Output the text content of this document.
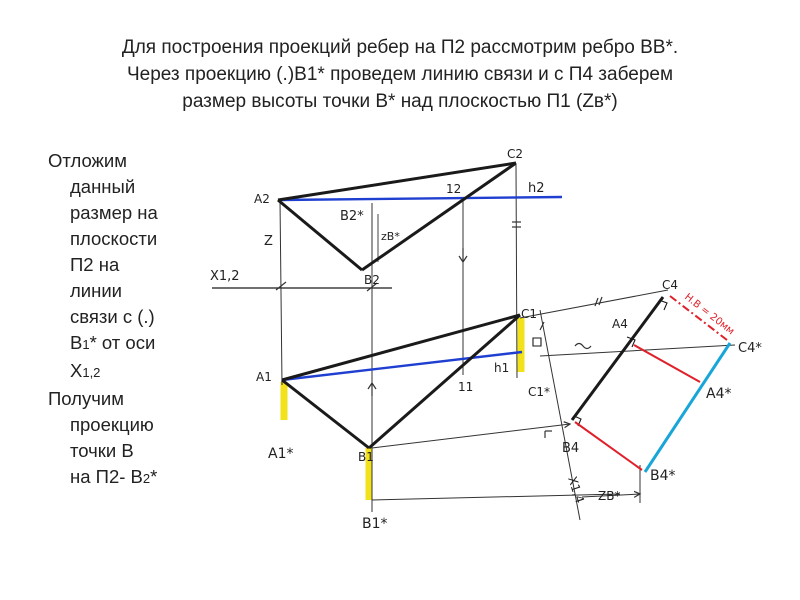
Для построения проекций ребер на П2 рассмотрим ребро ВВ*.
Через проекцию (.)В1* проведем линию связи и с П4 заберем
размер высоты точки В* над плоскостью П1 (Zв*)
Отложим
данный
размер на
плоскости
П2 на
линии
связи с (.)
В1* от оси
X1,2
Получим
проекцию
точки В
на П2- В2*
A2
C2
h2
B2*
zB*
12
B2
X1,2
Z
C1
C1*
h1
A1
11
A1*	B1
B1*
C4
A4
C4*
A4*
B4
B4*
X1,4 ZB*
H.B = 20мм
